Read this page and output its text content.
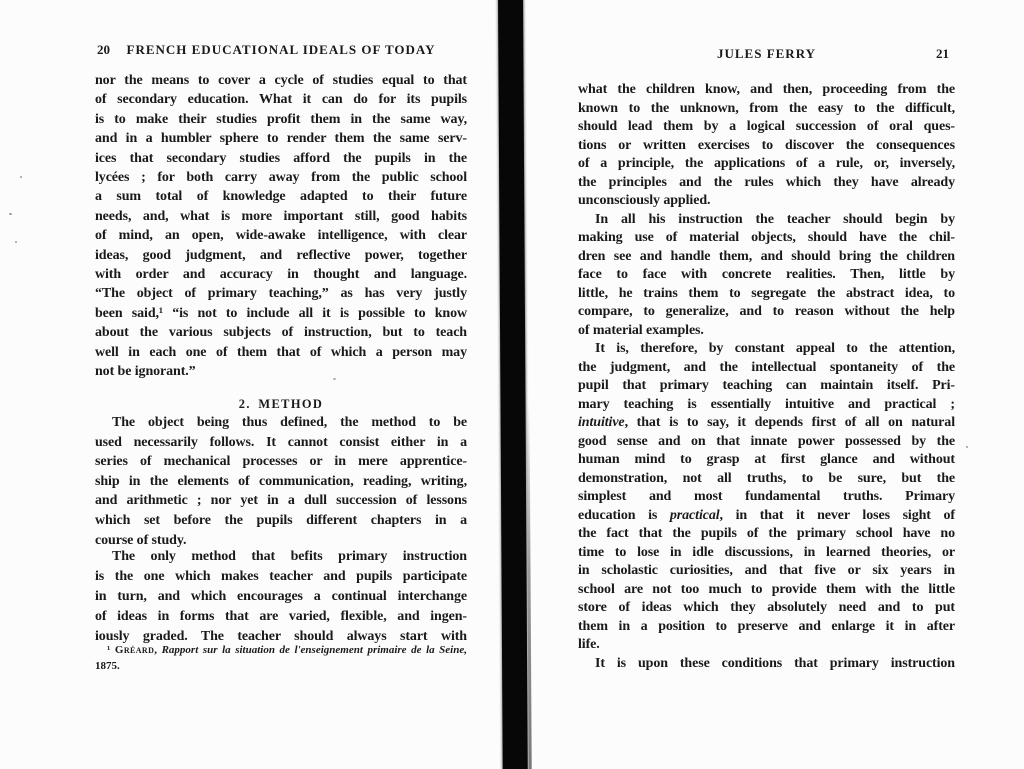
20	FRENCH EDUCATIONAL IDEALS OF TODAY
nor the means to cover a cycle of studies equal to that
of secondary education. What it can do for its pupils
is to make their studies profit them in the same way,
and in a humbler sphere to render them the same serv-
ices that secondary studies afford the pupils in the
lycées ; for both carry away from the public school
a sum total of knowledge adapted to their future
needs, and, what is more important still, good habits
of mind, an open, wide-awake intelligence, with clear
ideas, good judgment, and reflective power, together
with order and accuracy in thought and language.
“The object of primary teaching,” as has very justly
been said,¹ “is not to include all it is possible to know
about the various subjects of instruction, but to teach
well in each one of them that of which a person may
not be ignorant.”
2. METHOD
The object being thus defined, the method to be
used necessarily follows. It cannot consist either in a
series of mechanical processes or in mere apprentice-
ship in the elements of communication, reading, writing,
and arithmetic ; nor yet in a dull succession of lessons
which set before the pupils different chapters in a
course of study.
The only method that befits primary instruction
is the one which makes teacher and pupils participate
in turn, and which encourages a continual interchange
of ideas in forms that are varied, flexible, and ingen-
iously graded. The teacher should always start with
¹ Gréard, Rapport sur la situation de l'enseignement primaire de la Seine,
1875.
JULES FERRY	21
what the children know, and then, proceeding from the
known to the unknown, from the easy to the difficult,
should lead them by a logical succession of oral ques-
tions or written exercises to discover the consequences
of a principle, the applications of a rule, or, inversely,
the principles and the rules which they have already
unconsciously applied.
In all his instruction the teacher should begin by
making use of material objects, should have the chil-
dren see and handle them, and should bring the children
face to face with concrete realities. Then, little by
little, he trains them to segregate the abstract idea, to
compare, to generalize, and to reason without the help
of material examples.
It is, therefore, by constant appeal to the attention,
the judgment, and the intellectual spontaneity of the
pupil that primary teaching can maintain itself. Pri-
mary teaching is essentially intuitive and practical ;
intuitive, that is to say, it depends first of all on natural
good sense and on that innate power possessed by the
human mind to grasp at first glance and without
demonstration, not all truths, to be sure, but the
simplest and most fundamental truths. Primary
education is practical, in that it never loses sight of
the fact that the pupils of the primary school have no
time to lose in idle discussions, in learned theories, or
in scholastic curiosities, and that five or six years in
school are not too much to provide them with the little
store of ideas which they absolutely need and to put
them in a position to preserve and enlarge it in after
life.
It is upon these conditions that primary instruction
